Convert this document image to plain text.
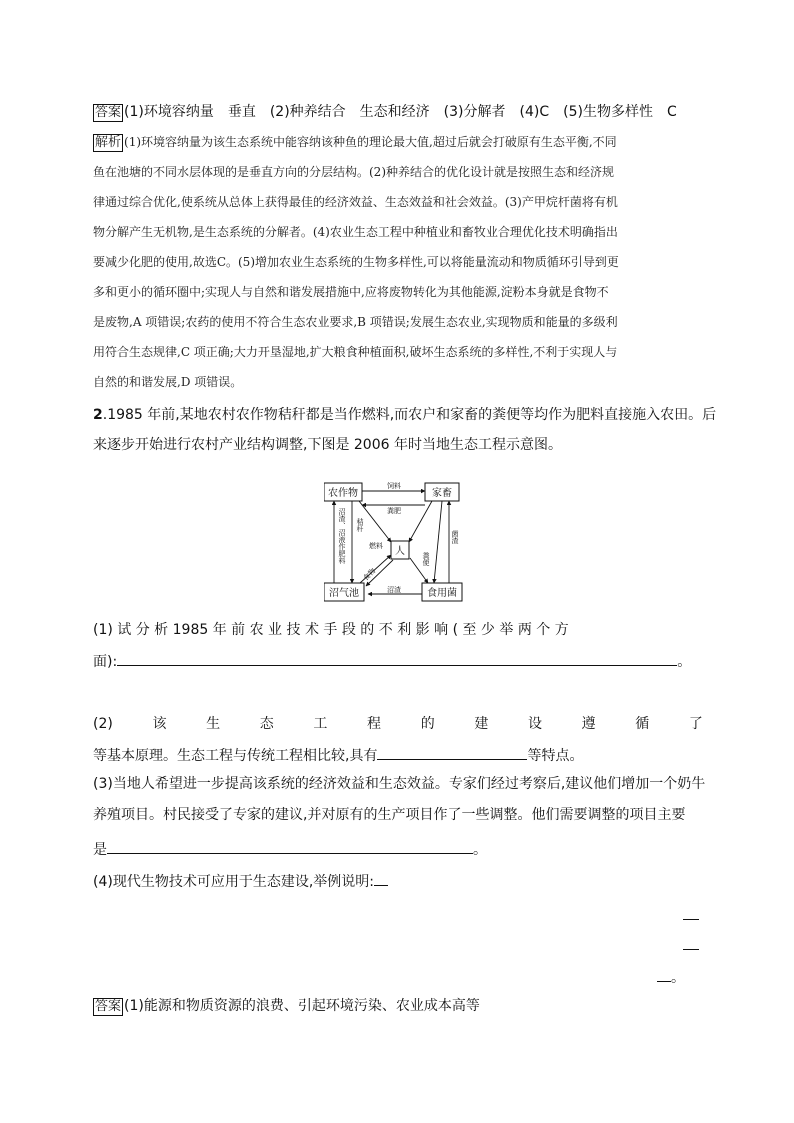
答案 (1)环境容纳量　垂直　(2)种养结合　生态和经济　(3)分解者　(4)C　(5)生物多样性　C
解析 (1)环境容纳量为该生态系统中能容纳该种鱼的理论最大值,超过后就会打破原有生态平衡,不同
鱼在池塘的不同水层体现的是垂直方向的分层结构。(2)种养结合的优化设计就是按照生态和经济规
律通过综合优化,使系统从总体上获得最佳的经济效益、生态效益和社会效益。(3)产甲烷杆菌将有机
物分解产生无机物,是生态系统的分解者。(4)农业生态工程中种植业和畜牧业合理优化技术明确指出
要减少化肥的使用,故选C。(5)增加农业生态系统的生物多样性,可以将能量流动和物质循环引导到更
多和更小的循环圈中;实现人与自然和谐发展措施中,应将废物转化为其他能源,淀粉本身就是食物不
是废物,A 项错误;农药的使用不符合生态农业要求,B 项错误;发展生态农业,实现物质和能量的多级利
用符合生态规律,C 项正确;大力开垦湿地,扩大粮食种植面积,破坏生态系统的多样性,不利于实现人与
自然的和谐发展,D 项错误。
2.1985 年前,某地农村农作物秸秆都是当作燃料,而农户和家畜的粪便等均作为肥料直接施入农田。后
来逐步开始进行农村产业结构调整,下图是 2006 年时当地生态工程示意图。
农作物	家畜
人
沼气池	食用菌
饲料
粪肥
燃料
沼渣
食物
沼渣、沼液作肥料 秸秆
粪便
菌渣
(1) 试 分 析 1985 年 前 农 业 技 术 手 段 的 不 利 影 响 ( 至 少 举 两 个 方
面):	。
(2)	该	生	态	工	程	的	建	设	遵	循	了
等基本原理。生态工程与传统工程相比较,具有	等特点。
(3)当地人希望进一步提高该系统的经济效益和生态效益。专家们经过考察后,建议他们增加一个奶牛
养殖项目。村民接受了专家的建议,并对原有的生产项目作了一些调整。他们需要调整的项目主要
是	。
(4)现代生物技术可应用于生态建设,举例说明:
。
答案 (1)能源和物质资源的浪费、引起环境污染、农业成本高等
